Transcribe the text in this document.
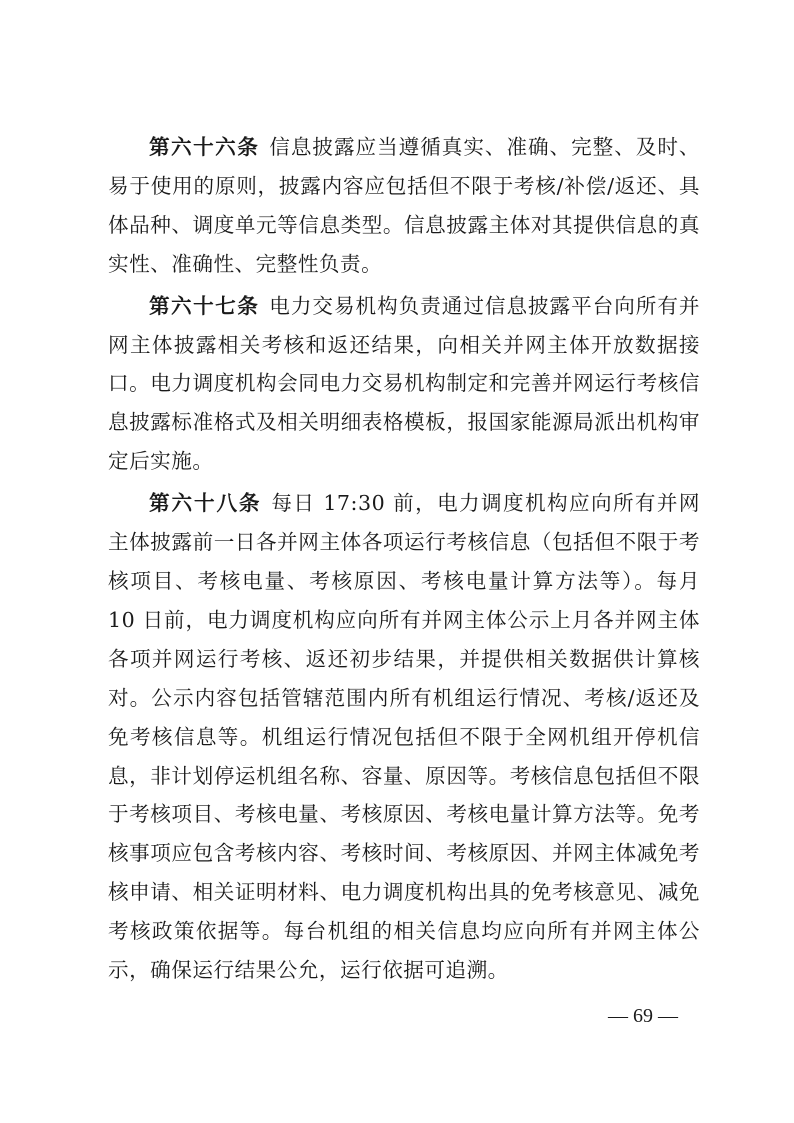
第六十六条 信息披露应当遵循真实、准确、完整、及时、易于使用的原则，披露内容应包括但不限于考核/补偿/返还、具体品种、调度单元等信息类型。信息披露主体对其提供信息的真实性、准确性、完整性负责。

第六十七条 电力交易机构负责通过信息披露平台向所有并网主体披露相关考核和返还结果，向相关并网主体开放数据接口。电力调度机构会同电力交易机构制定和完善并网运行考核信息披露标准格式及相关明细表格模板，报国家能源局派出机构审定后实施。

第六十八条 每日 17:30 前，电力调度机构应向所有并网主体披露前一日各并网主体各项运行考核信息（包括但不限于考核项目、考核电量、考核原因、考核电量计算方法等）。每月 10 日前，电力调度机构应向所有并网主体公示上月各并网主体各项并网运行考核、返还初步结果，并提供相关数据供计算核对。公示内容包括管辖范围内所有机组运行情况、考核/返还及免考核信息等。机组运行情况包括但不限于全网机组开停机信息，非计划停运机组名称、容量、原因等。考核信息包括但不限于考核项目、考核电量、考核原因、考核电量计算方法等。免考核事项应包含考核内容、考核时间、考核原因、并网主体减免考核申请、相关证明材料、电力调度机构出具的免考核意见、减免考核政策依据等。每台机组的相关信息均应向所有并网主体公示，确保运行结果公允，运行依据可追溯。

— 69 —
